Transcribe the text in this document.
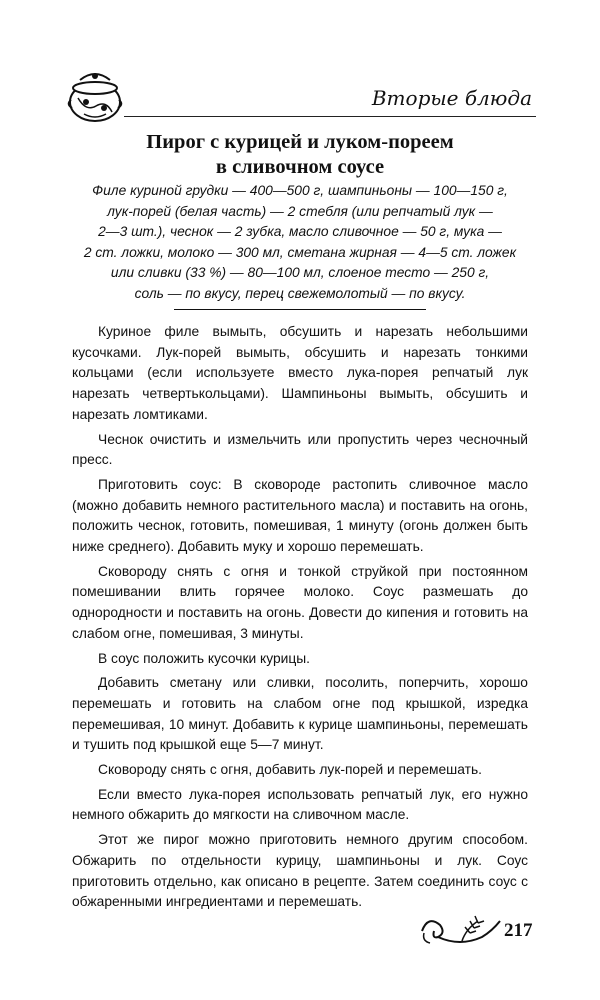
Вторые блюда
Пирог с курицей и луком-пореем
в сливочном соусе
Филе куриной грудки — 400—500 г, шампиньоны — 100—150 г,
лук-порей (белая часть) — 2 стебля (или репчатый лук —
2—3 шт.), чеснок — 2 зубка, масло сливочное — 50 г, мука —
2 ст. ложки, молоко — 300 мл, сметана жирная — 4—5 ст. ложек
или сливки (33 %) — 80—100 мл, слоеное тесто — 250 г,
соль — по вкусу, перец свежемолотый — по вкусу.

Куриное филе вымыть, обсушить и нарезать небольшими кусочками. Лук-порей вымыть, обсушить и нарезать тонкими кольцами (если используете вместо лука-порея репчатый лук нарезать четвертькольцами). Шампиньоны вымыть, обсушить и нарезать ломтиками.

Чеснок очистить и измельчить или пропустить через чесночный пресс.

Приготовить соус: В сковороде растопить сливочное масло (можно добавить немного растительного масла) и поставить на огонь, положить чеснок, готовить, помешивая, 1 минуту (огонь должен быть ниже среднего). Добавить муку и хорошо перемешать.

Сковороду снять с огня и тонкой струйкой при постоянном помешивании влить горячее молоко. Соус размешать до однородности и поставить на огонь. Довести до кипения и готовить на слабом огне, помешивая, 3 минуты.

В соус положить кусочки курицы.

Добавить сметану или сливки, посолить, поперчить, хорошо перемешать и готовить на слабом огне под крышкой, изредка перемешивая, 10 минут. Добавить к курице шампиньоны, перемешать и тушить под крышкой еще 5—7 минут.

Сковороду снять с огня, добавить лук-порей и перемешать.

Если вместо лука-порея использовать репчатый лук, его нужно немного обжарить до мягкости на сливочном масле.

Этот же пирог можно приготовить немного другим способом. Обжарить по отдельности курицу, шампиньоны и лук. Соус приготовить отдельно, как описано в рецепте. Затем соединить соус с обжаренными ингредиентами и перемешать.

217
